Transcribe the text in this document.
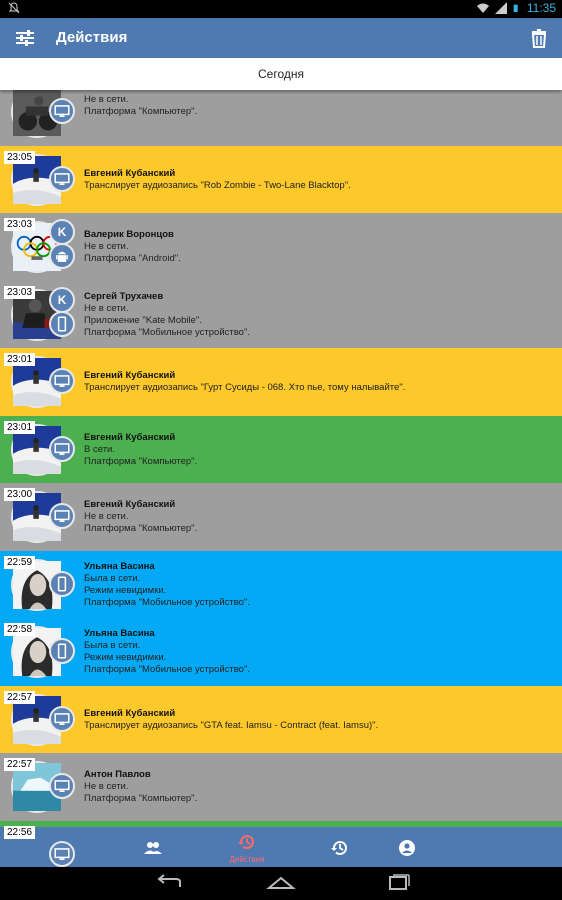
11:35
Действия
Сегодня
Не в сети.
Платформа "Компьютер".
23:05
Евгений Кубанский
Транслирует аудиозапись "Rob Zombie - Two-Lane Blacktop".
23:03
K Валерик Воронцов
Не в сети.
Платформа "Android".
23:03
K Сергей Трухачев
Не в сети.
Приложение "Kate Mobile".
Платформа "Мобильное устройство".
23:01
Евгений Кубанский
Транслирует аудиозапись "Гурт Сусиды - 068. Хто пье, тому налывайте".
23:01
Евгений Кубанский
В сети.
Платформа "Компьютер".
23:00
Евгений Кубанский
Не в сети.
Платформа "Компьютер".
22:59	Ульяна Васина
Была в сети.
Режим невидимки.
Платформа "Мобильное устройство".
22:58	Ульяна Васина
Была в сети.
Режим невидимки.
Платформа "Мобильное устройство".
22:57
Евгений Кубанский
Транслирует аудиозапись "GTA feat. Iamsu - Contract (feat. Iamsu)".
22:57
Антон Павлов
Не в сети.
Платформа "Компьютер".
22:56
Действия
